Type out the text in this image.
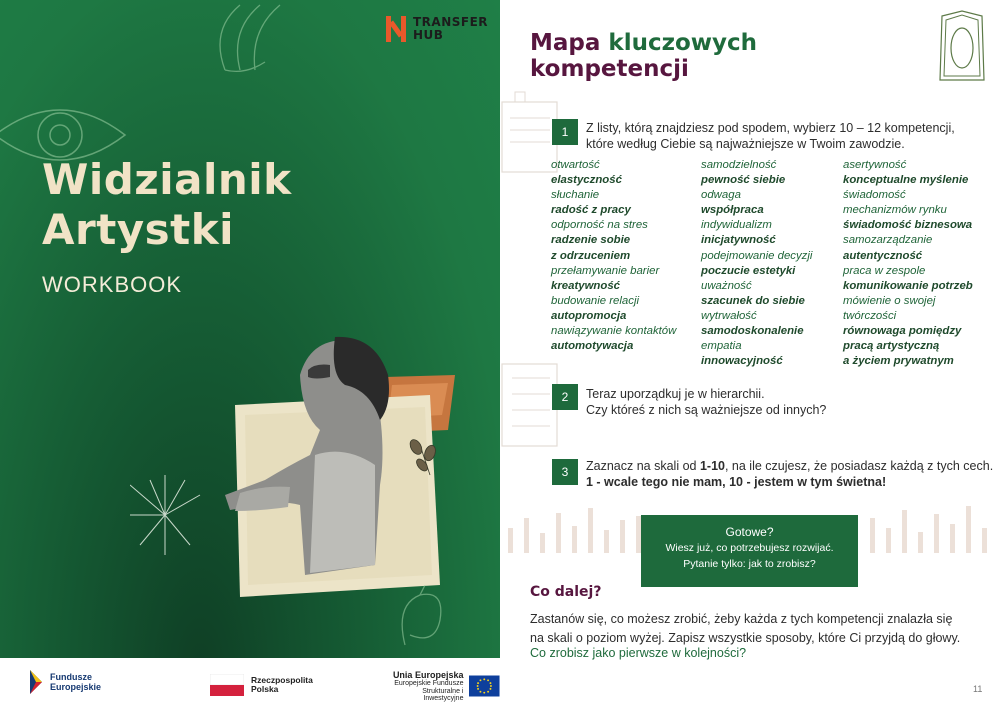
TRANSFER
HUB
Widzialnik
Artystki
WORKBOOK
Fundusze
Europejskie
Rzeczpospolita
Polska
Unia Europejska
Europejskie Fundusze
Strukturalne i Inwestycyjne
Mapa kluczowych
kompetencji
1	Z listy, którą znajdziesz pod spodem, wybierz 10 – 12 kompetencji,
które według Ciebie są najważniejsze w Twoim zawodzie.
otwartość
elastyczność
słuchanie
radość z pracy
odporność na stres
radzenie sobie
z odrzuceniem
przełamywanie barier
kreatywność
budowanie relacji
autopromocja
nawiązywanie kontaktów
automotywacja
samodzielność
pewność siebie
odwaga
współpraca
indywidualizm
inicjatywność
podejmowanie decyzji
poczucie estetyki
uważność
szacunek do siebie
wytrwałość
samodoskonalenie
empatia
innowacyjność
asertywność
konceptualne myślenie
świadomość
mechanizmów rynku
świadomość biznesowa
samozarządzanie
autentyczność
praca w zespole
komunikowanie potrzeb
mówienie o swojej
twórczości
równowaga pomiędzy
pracą artystyczną
a życiem prywatnym
2	Teraz uporządkuj je w hierarchii.
Czy któreś z nich są ważniejsze od innych?
3	Zaznacz na skali od 1-10, na ile czujesz, że posiadasz każdą z tych cech.
1 - wcale tego nie mam, 10 - jestem w tym świetna!
Gotowe?
Wiesz już, co potrzebujesz rozwijać.
Pytanie tylko: jak to zrobisz?
Co dalej?
Zastanów się, co możesz zrobić, żeby każda z tych kompetencji znalazła się
na skali o poziom wyżej. Zapisz wszystkie sposoby, które Ci przyjdą do głowy.
Co zrobisz jako pierwsze w kolejności?
11
